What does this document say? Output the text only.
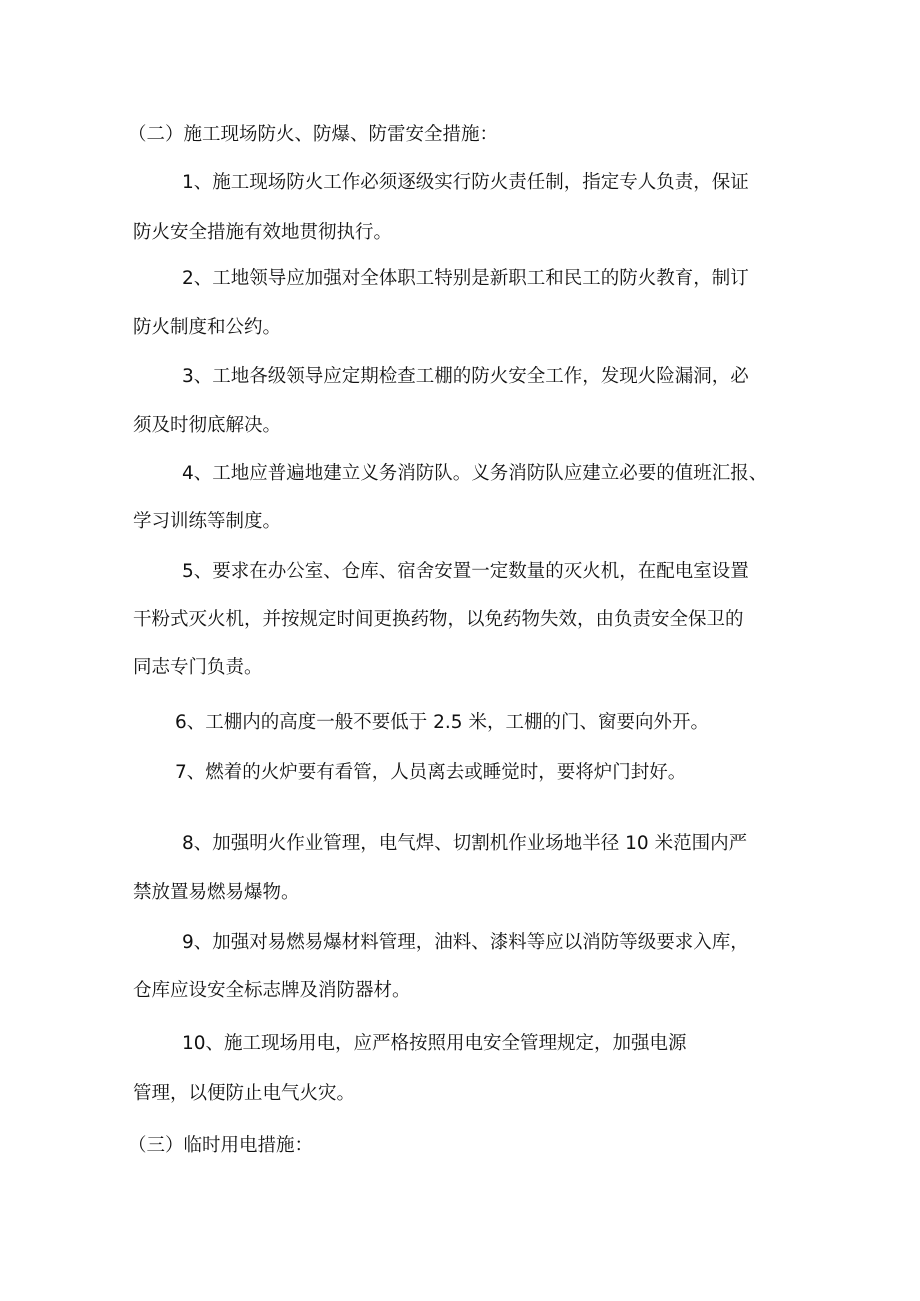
（二）施工现场防火、防爆、防雷安全措施：
1、施工现场防火工作必须逐级实行防火责任制，指定专人负责，保证
防火安全措施有效地贯彻执行。
2、工地领导应加强对全体职工特别是新职工和民工的防火教育，制订
防火制度和公约。
3、工地各级领导应定期检查工棚的防火安全工作，发现火险漏洞，必
须及时彻底解决。
4、工地应普遍地建立义务消防队。义务消防队应建立必要的值班汇报、
学习训练等制度。
5、要求在办公室、仓库、宿舍安置一定数量的灭火机，在配电室设置
干粉式灭火机，并按规定时间更换药物，以免药物失效，由负责安全保卫的
同志专门负责。
6、工棚内的高度一般不要低于 2.5 米，工棚的门、窗要向外开。
7、燃着的火炉要有看管，人员离去或睡觉时，要将炉门封好。
8、加强明火作业管理，电气焊、切割机作业场地半径 10 米范围内严
禁放置易燃易爆物。
9、加强对易燃易爆材料管理，油料、漆料等应以消防等级要求入库，
仓库应设安全标志牌及消防器材。
10、施工现场用电，应严格按照用电安全管理规定，加强电源
管理，以便防止电气火灾。
（三）临时用电措施：
